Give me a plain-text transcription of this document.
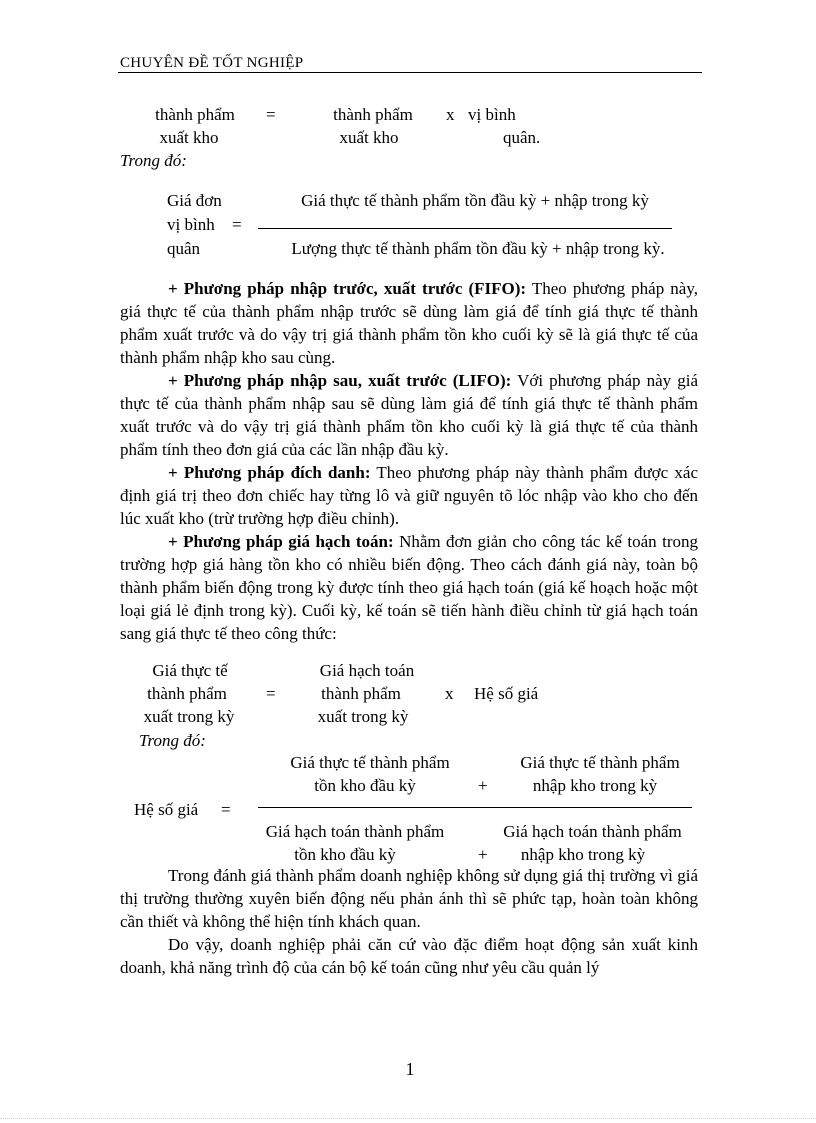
CHUYÊN ĐỀ TỐT NGHIỆP
thành phẩm
xuất kho
=	thành phẩm
xuất kho
x vị bình
quân.
Trong đó:
Giá đơn
vị bình
quân
=
Giá thực tế thành phẩm tồn đầu kỳ + nhập trong kỳ
Lượng thực tế thành phẩm tồn đầu kỳ + nhập trong kỳ.

+ Phương pháp nhập trước, xuất trước (FIFO): Theo phương pháp này, giá thực tế của thành phẩm nhập trước sẽ dùng làm giá để tính giá thực tế thành phẩm xuất trước và do vậy trị giá thành phẩm tồn kho cuối kỳ sẽ là giá thực tế của thành phẩm nhập kho sau cùng.

+ Phương pháp nhập sau, xuất trước (LIFO): Với phương pháp này giá thực tế của thành phẩm nhập sau sẽ dùng làm giá để tính giá thực tế thành phẩm xuất trước và do vậy trị giá thành phẩm tồn kho cuối kỳ là giá thực tế của thành phẩm tính theo đơn giá của các lần nhập đầu kỳ.

+ Phương pháp đích danh: Theo phương pháp này thành phẩm được xác định giá trị theo đơn chiếc hay từng lô và giữ nguyên tõ lóc nhập vào kho cho đến lúc xuất kho (trừ trường hợp điều chỉnh).

+ Phương pháp giá hạch toán: Nhằm đơn giản cho công tác kế toán trong trường hợp giá hàng tồn kho có nhiều biến động. Theo cách đánh giá này, toàn bộ thành phẩm biến động trong kỳ được tính theo giá hạch toán (giá kế hoạch hoặc một loại giá lẻ định trong kỳ). Cuối kỳ, kế toán sẽ tiến hành điều chỉnh từ giá hạch toán sang giá thực tế theo công thức:

Giá thực tế
thành phẩm
xuất trong kỳ
=
Giá hạch toán
thành phẩm
xuất trong kỳ
x Hệ số giá
Trong đó:
Giá thực tế thành phẩm
tồn kho đầu kỳ	+
Giá thực tế thành phẩm
nhập kho trong kỳ
Hệ số giá =
Giá hạch toán thành phẩm
tồn kho đầu kỳ	+
Giá hạch toán thành phẩm
nhập kho trong kỳ

Trong đánh giá thành phẩm doanh nghiệp không sử dụng giá thị trường vì giá thị trường thường xuyên biến động nếu phản ánh thì sẽ phức tạp, hoàn toàn không cần thiết và không thể hiện tính khách quan.

Do vậy, doanh nghiệp phải căn cứ vào đặc điểm hoạt động sản xuất kinh doanh, khả năng trình độ của cán bộ kế toán cũng như yêu cầu quản lý

1
